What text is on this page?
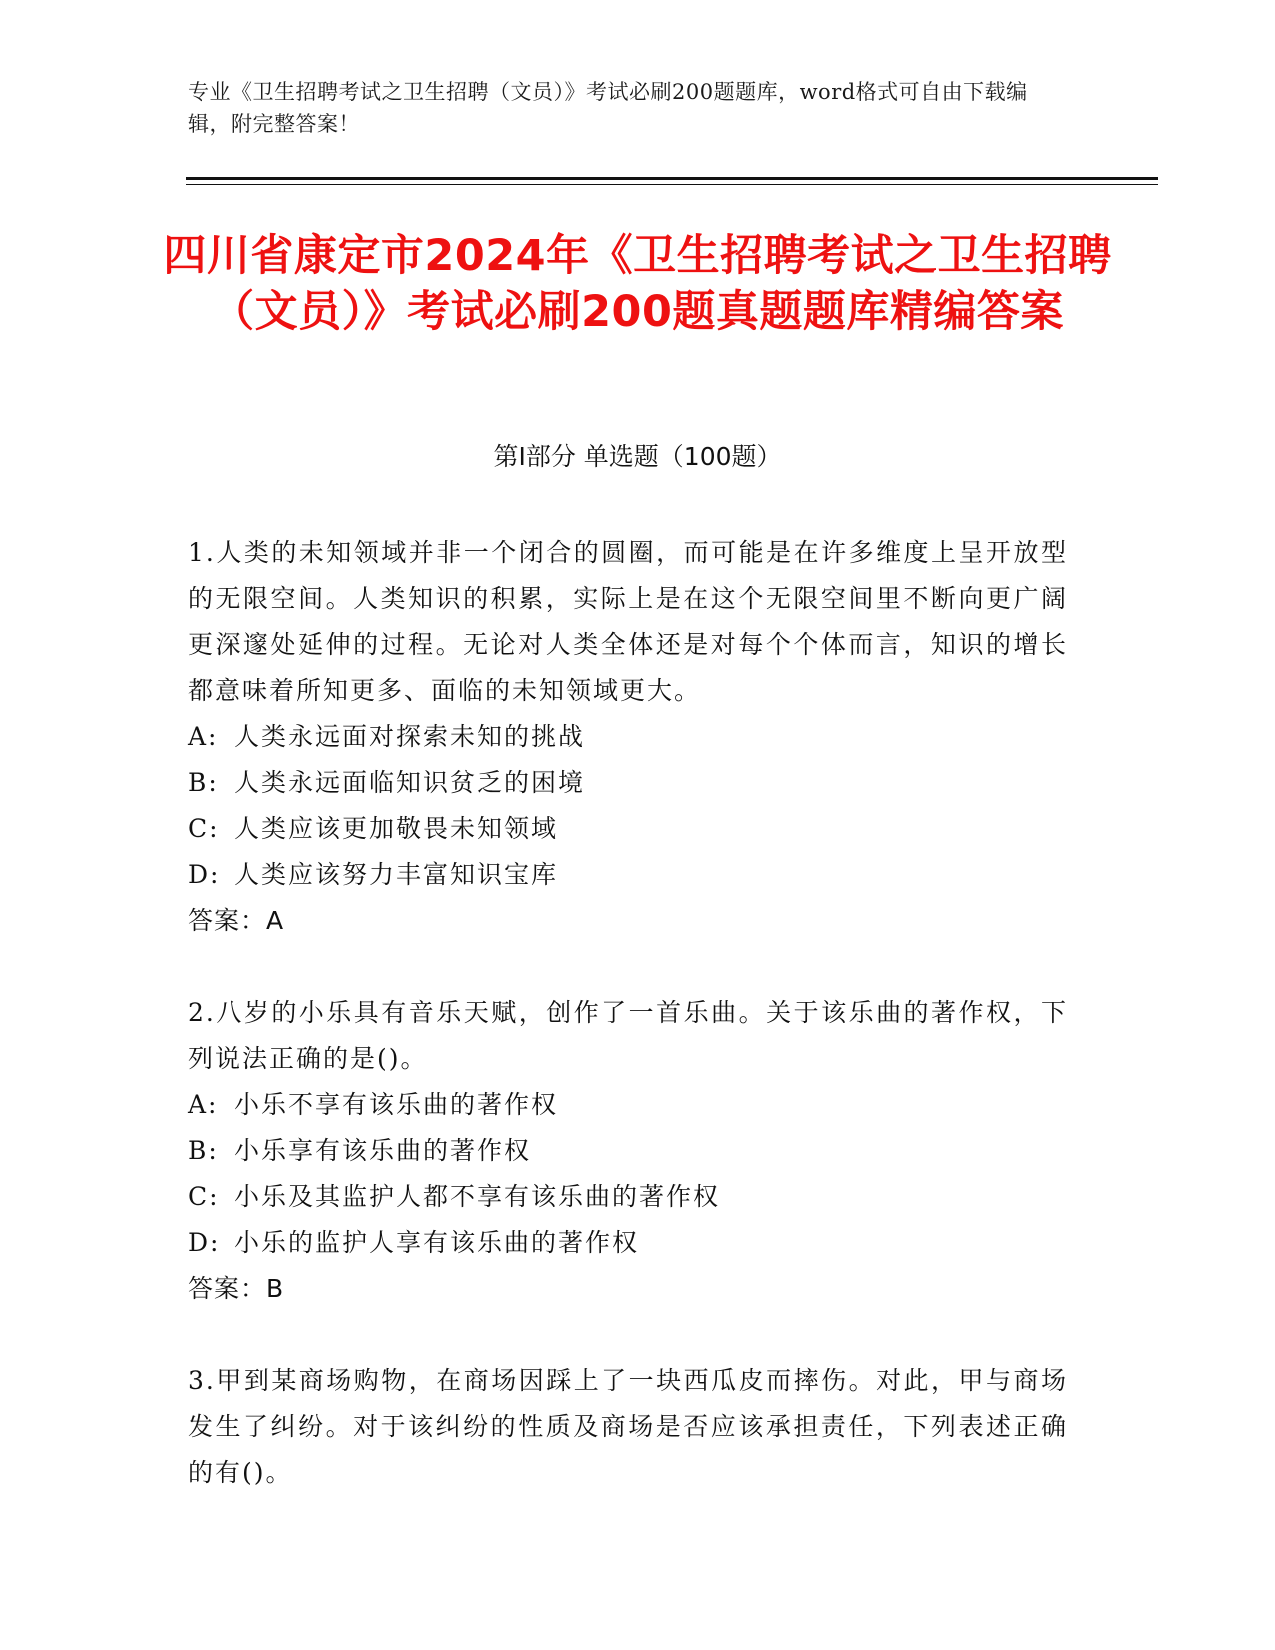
专业《卫生招聘考试之卫生招聘（文员）》考试必刷200题题库，word格式可自由下载编辑，附完整答案！
四川省康定市2024年《卫生招聘考试之卫生招聘（文员）》考试必刷200题真题题库精编答案
第I部分 单选题（100题）
1.人类的未知领域并非一个闭合的圆圈，而可能是在许多维度上呈开放型的无限空间。人类知识的积累，实际上是在这个无限空间里不断向更广阔更深邃处延伸的过程。无论对人类全体还是对每个个体而言，知识的增长都意味着所知更多、面临的未知领域更大。
A: 人类永远面对探索未知的挑战
B: 人类永远面临知识贫乏的困境
C: 人类应该更加敬畏未知领域
D: 人类应该努力丰富知识宝库
答案：A
2.八岁的小乐具有音乐天赋，创作了一首乐曲。关于该乐曲的著作权，下列说法正确的是()。
A: 小乐不享有该乐曲的著作权
B: 小乐享有该乐曲的著作权
C: 小乐及其监护人都不享有该乐曲的著作权
D: 小乐的监护人享有该乐曲的著作权
答案：B
3.甲到某商场购物，在商场因踩上了一块西瓜皮而摔伤。对此，甲与商场发生了纠纷。对于该纠纷的性质及商场是否应该承担责任，下列表述正确的有()。
